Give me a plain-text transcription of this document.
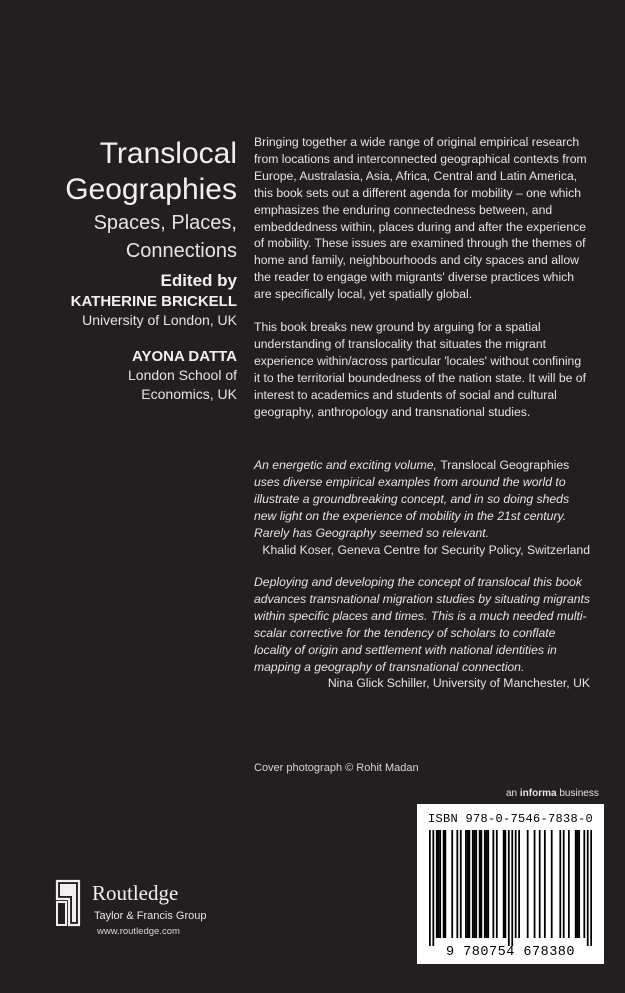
Translocal
Geographies
Spaces, Places,
Connections
Edited by
KATHERINE BRICKELL
University of London, UK
AYONA DATTA
London School of
Economics, UK

Bringing together a wide range of original empirical research from locations and interconnected geographical contexts from Europe, Australasia, Asia, Africa, Central and Latin America, this book sets out a different agenda for mobility – one which emphasizes the enduring connectedness between, and embeddedness within, places during and after the experience of mobility. These issues are examined through the themes of home and family, neighbourhoods and city spaces and allow the reader to engage with migrants' diverse practices which are specifically local, yet spatially global.

This book breaks new ground by arguing for a spatial understanding of translocality that situates the migrant experience within/across particular 'locales' without confining it to the territorial boundedness of the nation state. It will be of interest to academics and students of social and cultural geography, anthropology and transnational studies.

An energetic and exciting volume, Translocal Geographies uses diverse empirical examples from around the world to illustrate a groundbreaking concept, and in so doing sheds new light on the experience of mobility in the 21st century. Rarely has Geography seemed so relevant.
Khalid Koser, Geneva Centre for Security Policy, Switzerland
Deploying and developing the concept of translocal this book advances transnational migration studies by situating migrants within specific places and times. This is a much needed multi-scalar corrective for the tendency of scholars to conflate locality of origin and settlement with national identities in mapping a geography of transnational connection.
Nina Glick Schiller, University of Manchester, UK
Cover photograph © Rohit Madan
an informa business
ISBN 978-0-7546-7838-0
9 780754 678380
Routledge
Taylor & Francis Group
www.routledge.com
